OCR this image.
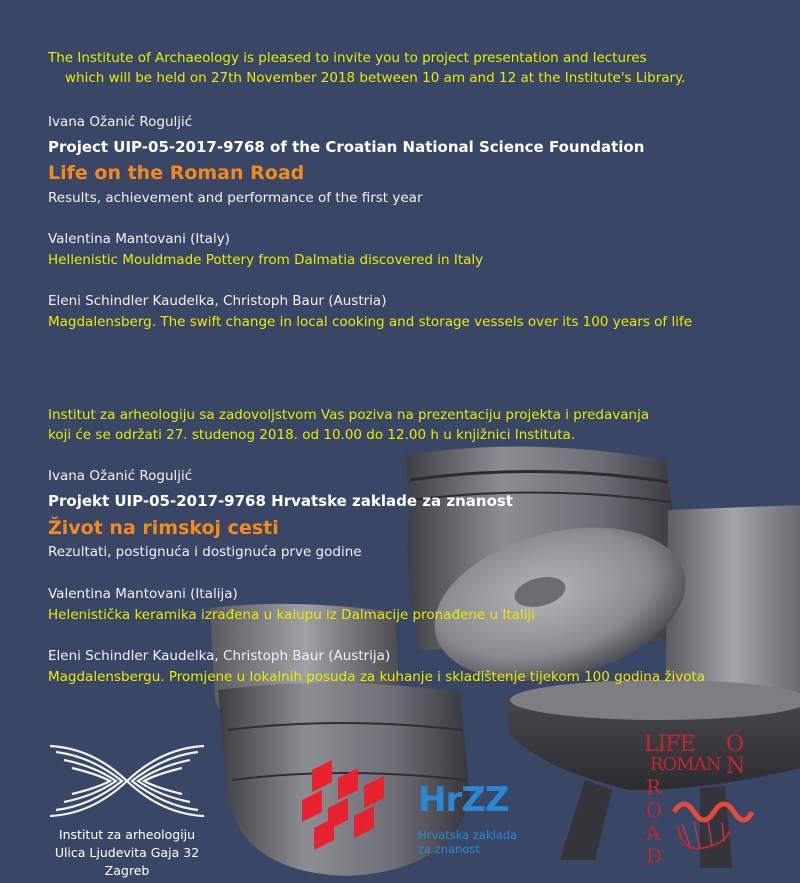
The Institute of Archaeology is pleased to invite you to project presentation and lectures
which will be held on 27th November 2018 between 10 am and 12 at the Institute's Library.
Ivana Ožanić Roguljić
Project UIP-05-2017-9768 of the Croatian National Science Foundation
Life on the Roman Road
Results, achievement and performance of the first year
Valentina Mantovani (Italy)
Hellenistic Mouldmade Pottery from Dalmatia discovered in Italy
Eleni Schindler Kaudelka, Christoph Baur (Austria)
Magdalensberg. The swift change in local cooking and storage vessels over its 100 years of life
Institut za arheologiju sa zadovoljstvom Vas poziva na prezentaciju projekta i predavanja
koji će se održati 27. studenog 2018. od 10.00 do 12.00 h u knjižnici Instituta.
Ivana Ožanić Roguljić
Projekt UIP-05-2017-9768 Hrvatske zaklade za znanost
Život na rimskoj cesti
Rezultati, postignuća i dostignuća prve godine
Valentina Mantovani (Italija)
Helenistička keramika izrađena u kalupu iz Dalmacije pronađene u Italiji
Eleni Schindler Kaudelka, Christoph Baur (Austrija)
Magdalensbergu. Promjene u lokalnih posuda za kuhanje i skladištenje tijekom 100 godina života
Institut za arheologiju
Ulica Ljudevita Gaja 32
Zagreb
HrZZ
Hrvatska zaklada
za znanost
LIFE O
N
ROMAN
ROAD
